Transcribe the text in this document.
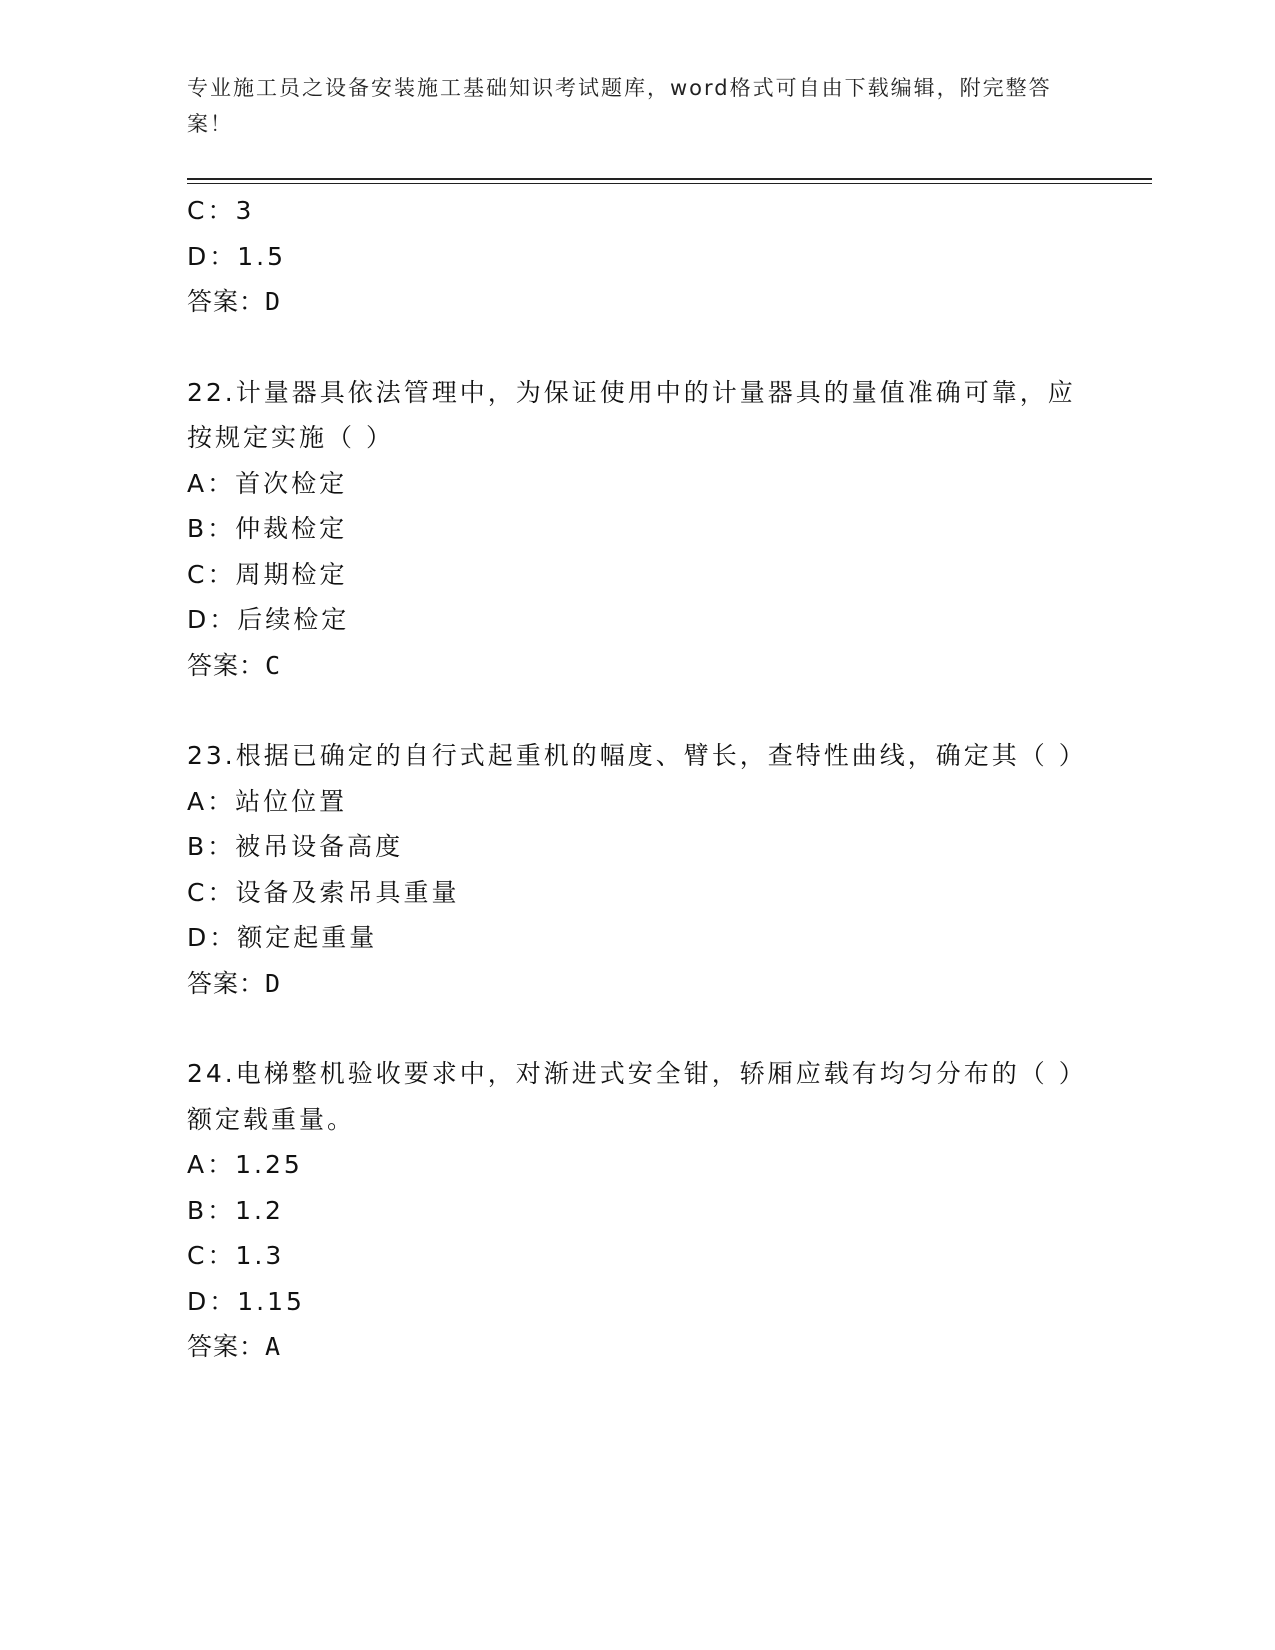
专业施工员之设备安装施工基础知识考试题库，word格式可自由下载编辑，附完整答案！
C：3
D：1.5
答案：D
22.计量器具依法管理中，为保证使用中的计量器具的量值准确可靠，应按规定实施（ ）
A：首次检定
B：仲裁检定
C：周期检定
D：后续检定
答案：C
23.根据已确定的自行式起重机的幅度、臂长，查特性曲线，确定其（ ）
A：站位位置
B：被吊设备高度
C：设备及索吊具重量
D：额定起重量
答案：D
24.电梯整机验收要求中，对渐进式安全钳，轿厢应载有均匀分布的（ ）额定载重量。
A：1.25
B：1.2
C：1.3
D：1.15
答案：A
